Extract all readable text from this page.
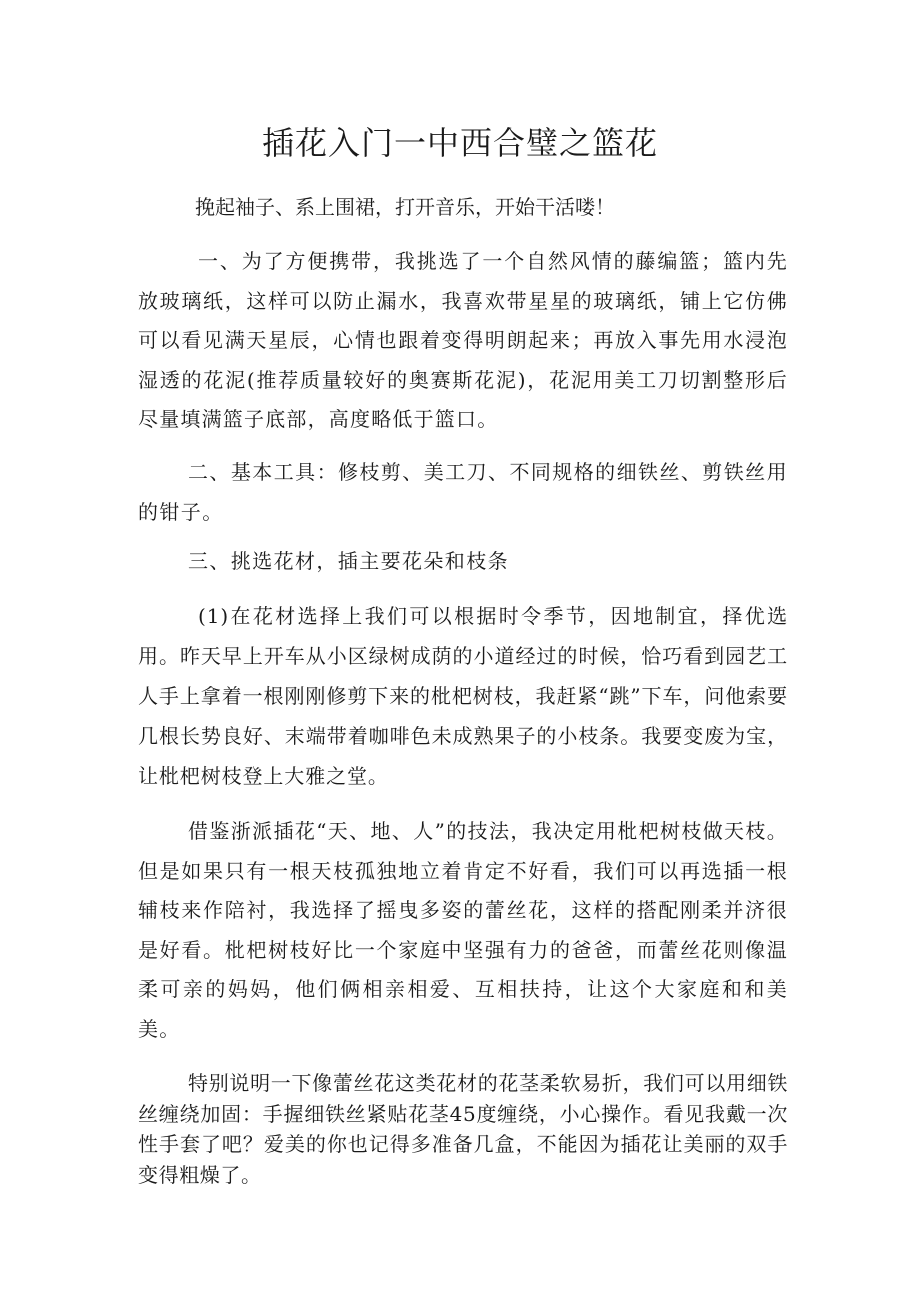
插花入门一中西合璧之篮花

挽起袖子、系上围裙，打开音乐，开始干活喽！

一、为了方便携带，我挑选了一个自然风情的藤编篮；篮内先放玻璃纸，这样可以防止漏水，我喜欢带星星的玻璃纸，铺上它仿佛可以看见满天星辰，心情也跟着变得明朗起来；再放入事先用水浸泡湿透的花泥(推荐质量较好的奥赛斯花泥)，花泥用美工刀切割整形后尽量填满篮子底部，高度略低于篮口。

二、基本工具：修枝剪、美工刀、不同规格的细铁丝、剪铁丝用的钳子。

三、挑选花材，插主要花朵和枝条

(1)在花材选择上我们可以根据时令季节，因地制宜，择优选用。昨天早上开车从小区绿树成荫的小道经过的时候，恰巧看到园艺工人手上拿着一根刚刚修剪下来的枇杷树枝，我赶紧“跳”下车，问他索要几根长势良好、末端带着咖啡色未成熟果子的小枝条。我要变废为宝，让枇杷树枝登上大雅之堂。

借鉴浙派插花“天、地、人”的技法，我决定用枇杷树枝做天枝。但是如果只有一根天枝孤独地立着肯定不好看，我们可以再选插一根辅枝来作陪衬，我选择了摇曳多姿的蕾丝花，这样的搭配刚柔并济很是好看。枇杷树枝好比一个家庭中坚强有力的爸爸，而蕾丝花则像温柔可亲的妈妈，他们俩相亲相爱、互相扶持，让这个大家庭和和美美。

特别说明一下像蕾丝花这类花材的花茎柔软易折，我们可以用细铁丝缠绕加固：手握细铁丝紧贴花茎45度缠绕，小心操作。看见我戴一次性手套了吧？爱美的你也记得多准备几盒，不能因为插花让美丽的双手变得粗燥了。
